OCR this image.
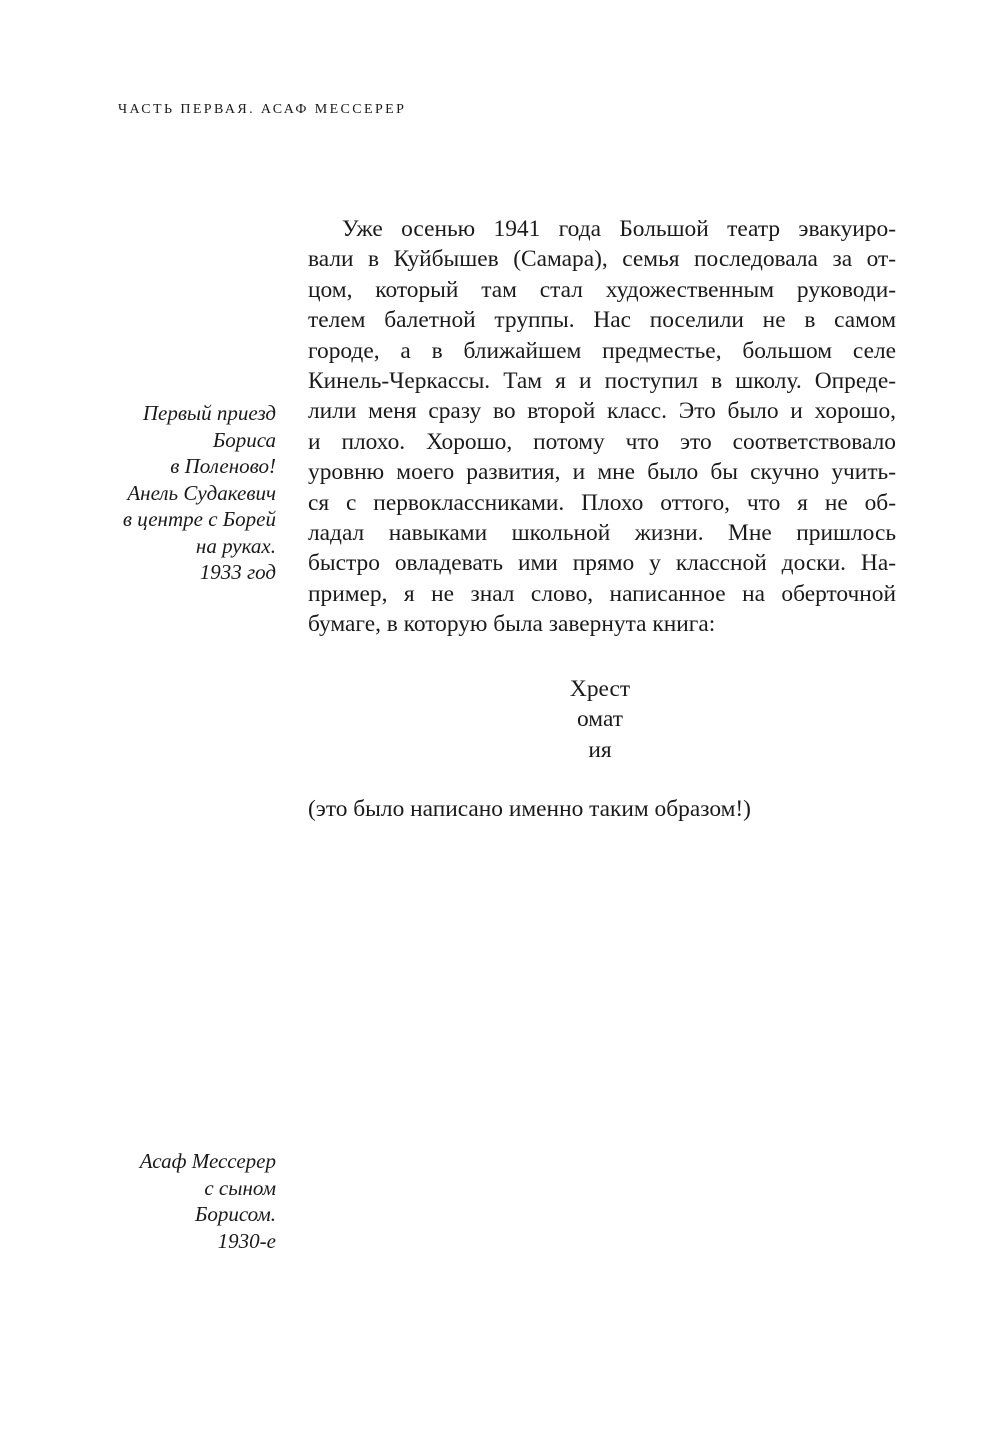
ЧАСТЬ ПЕРВАЯ. АСАФ МЕССЕРЕР

Уже осенью 1941 года Большой театр эвакуиро-
вали в Куйбышев (Самара), семья последовала за от-
цом, который там стал художественным руководи-
телем балетной труппы. Нас поселили не в самом
городе, а в ближайшем предместье, большом селе
Кинель-Черкассы. Там я и поступил в школу. Опреде-
лили меня сразу во второй класс. Это было и хорошо,
и плохо. Хорошо, потому что это соответствовало
уровню моего развития, и мне было бы скучно учить-
ся с первоклассниками. Плохо оттого, что я не об-
ладал навыками школьной жизни. Мне пришлось
быстро овладевать ими прямо у классной доски. На-
пример, я не знал слово, написанное на оберточной
бумаге, в которую была завернута книга:

Хрест
омат
ия
(это было написано именно таким образом!)
Первый приезд
Бориса
в Поленово!
Анель Судакевич
в центре с Борей
на руках.
1933 год
Асаф Мессерер
с сыном
Борисом.
1930-е
